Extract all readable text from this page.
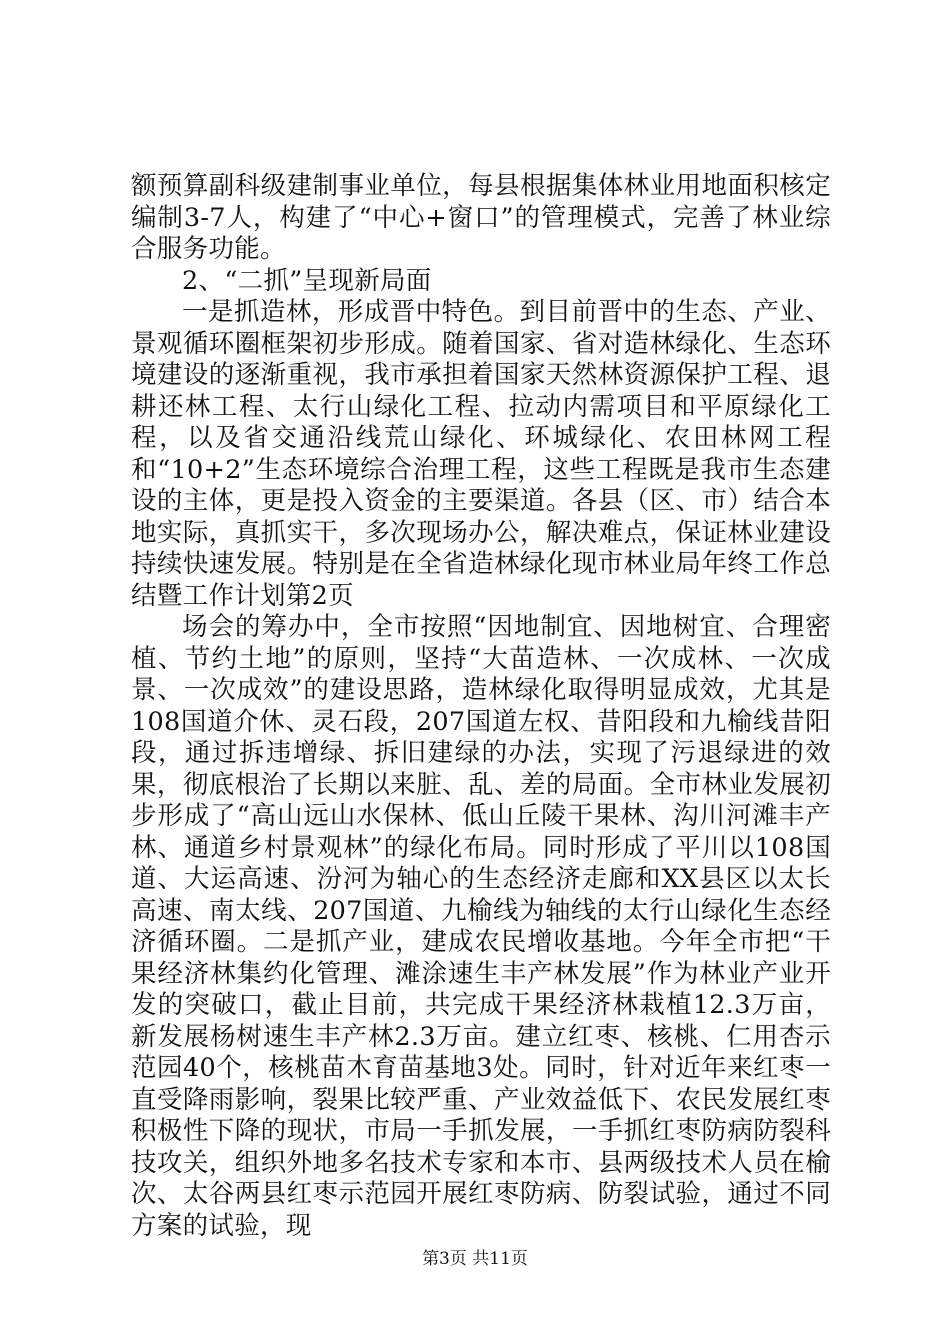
额预算副科级建制事业单位，每县根据集体林业用地面积核定编制3-7人，构建了“中心+窗口”的管理模式，完善了林业综合服务功能。

2、“二抓”呈现新局面

一是抓造林，形成晋中特色。到目前晋中的生态、产业、景观循环圈框架初步形成。随着国家、省对造林绿化、生态环境建设的逐渐重视，我市承担着国家天然林资源保护工程、退耕还林工程、太行山绿化工程、拉动内需项目和平原绿化工程，以及省交通沿线荒山绿化、环城绿化、农田林网工程和“10+2”生态环境综合治理工程，这些工程既是我市生态建设的主体，更是投入资金的主要渠道。各县（区、市）结合本地实际，真抓实干，多次现场办公，解决难点，保证林业建设持续快速发展。特别是在全省造林绿化现市林业局年终工作总结暨工作计划第2页

场会的筹办中，全市按照“因地制宜、因地树宜、合理密植、节约土地”的原则，坚持“大苗造林、一次成林、一次成景、一次成效”的建设思路，造林绿化取得明显成效，尤其是108国道介休、灵石段，207国道左权、昔阳段和九榆线昔阳段，通过拆违增绿、拆旧建绿的办法，实现了污退绿进的效果，彻底根治了长期以来脏、乱、差的局面。全市林业发展初步形成了“高山远山水保林、低山丘陵干果林、沟川河滩丰产林、通道乡村景观林”的绿化布局。同时形成了平川以108国道、大运高速、汾河为轴心的生态经济走廊和XX县区以太长高速、南太线、207国道、九榆线为轴线的太行山绿化生态经济循环圈。二是抓产业，建成农民增收基地。今年全市把“干果经济林集约化管理、滩涂速生丰产林发展”作为林业产业开发的突破口，截止目前，共完成干果经济林栽植12.3万亩，新发展杨树速生丰产林2.3万亩。建立红枣、核桃、仁用杏示范园40个，核桃苗木育苗基地3处。同时，针对近年来红枣一直受降雨影响，裂果比较严重、产业效益低下、农民发展红枣积极性下降的现状，市局一手抓发展，一手抓红枣防病防裂科技攻关，组织外地多名技术专家和本市、县两级技术人员在榆次、太谷两县红枣示范园开展红枣防病、防裂试验，通过不同方案的试验，现

第3页 共11页
